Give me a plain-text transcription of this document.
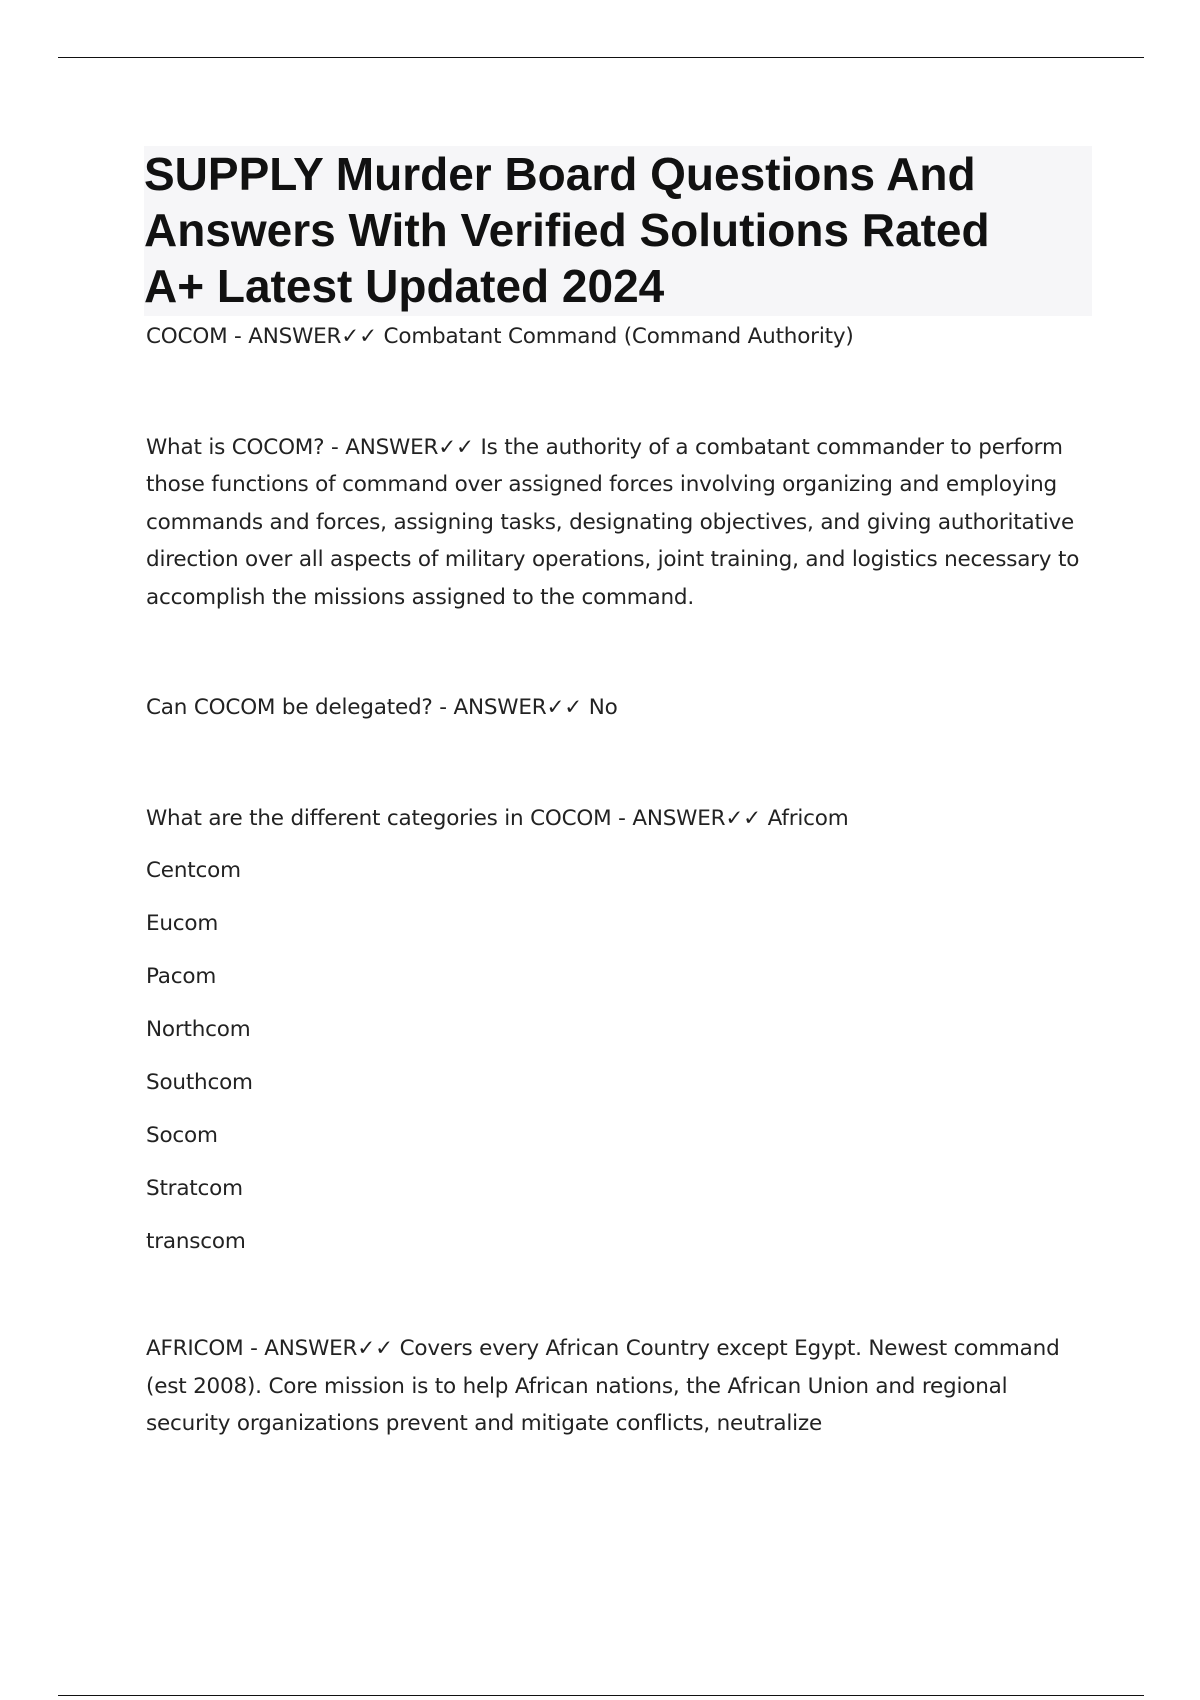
SUPPLY Murder Board Questions And
Answers With Verified Solutions Rated
A+ Latest Updated 2024

COCOM - ANSWER✓✓ Combatant Command (Command Authority)

What is COCOM? - ANSWER✓✓ Is the authority of a combatant commander to perform those functions of command over assigned forces involving organizing and employing commands and forces, assigning tasks, designating objectives, and giving authoritative direction over all aspects of military operations, joint training, and logistics necessary to accomplish the missions assigned to the command.

Can COCOM be delegated? - ANSWER✓✓ No

What are the different categories in COCOM - ANSWER✓✓ Africom

Centcom

Eucom

Pacom

Northcom

Southcom

Socom

Stratcom

transcom

AFRICOM - ANSWER✓✓ Covers every African Country except Egypt. Newest command (est 2008). Core mission is to help African nations, the African Union and regional security organizations prevent and mitigate conflicts, neutralize
